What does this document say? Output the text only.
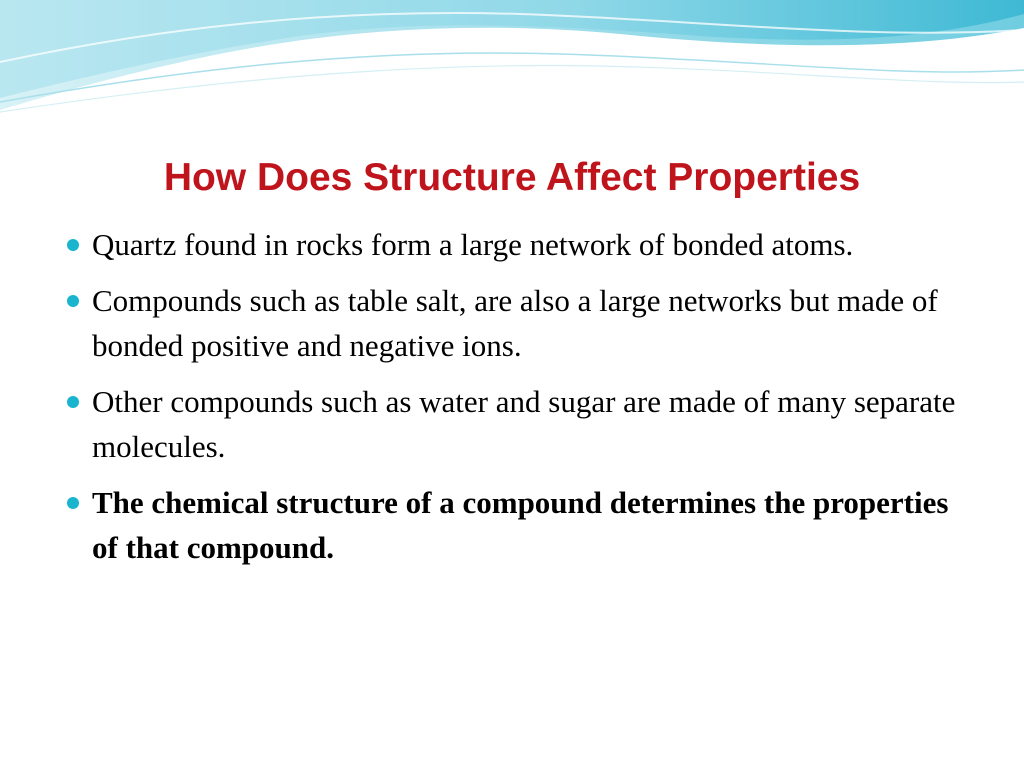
How Does Structure Affect Properties
Quartz found in rocks form a large network of bonded atoms.
Compounds such as table salt, are also a large networks but made of bonded positive and negative ions.
Other compounds such as water and sugar are made of many separate molecules.
The chemical structure of a compound determines the properties of that compound.
